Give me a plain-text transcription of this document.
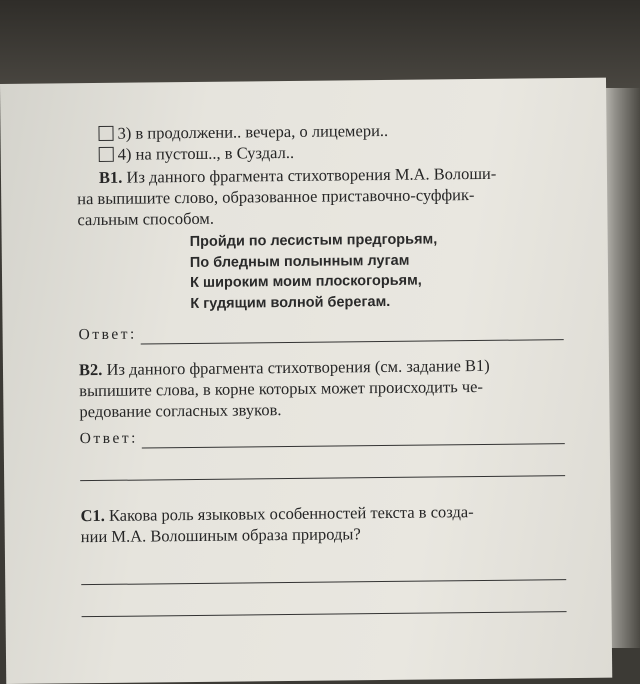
3) в продолжени.. вечера, о лицемери..
4) на пустош.., в Суздал..
В1. Из данного фрагмента стихотворения М.А. Волоши-
на выпишите слово, образованное приставочно-суффик-
сальным способом.
Пройди по лесистым предгорьям,
По бледным полынным лугам
К широким моим плоскогорьям,
К гудящим волной берегам.
Ответ:
В2. Из данного фрагмента стихотворения (см. задание В1)
выпишите слова, в корне которых может происходить че-
редование согласных звуков.
Ответ:
С1. Какова роль языковых особенностей текста в созда-
нии М.А. Волошиным образа природы?
